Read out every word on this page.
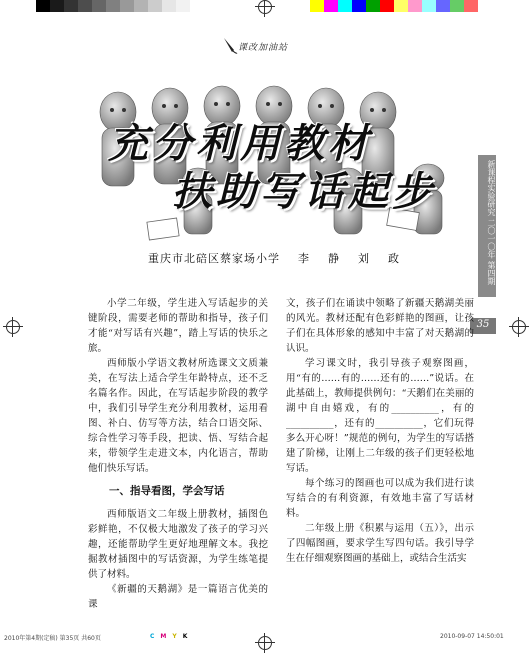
课改加油站
充分利用教材
扶助写话起步
重庆市北碚区蔡家场小学    李    静    刘    政
新课程实验研究 二〇一〇年 第四期
35

小学二年级，学生进入写话起步的关键阶段，需要老师的帮助和指导，孩子们才能“对写话有兴趣”，踏上写话的快乐之旅。

西师版小学语文教材所选课文文质兼美，在写法上适合学生年龄特点，还不乏名篇名作。因此，在写话起步阶段的教学中，我们引导学生充分利用教材，运用看图、补白、仿写等方法，结合口语交际、综合性学习等手段，把读、悟、写结合起来，带领学生走进文本，内化语言，帮助他们快乐写话。

一、指导看图，学会写话

西师版语文二年级上册教材，插图色彩鲜艳，不仅极大地激发了孩子的学习兴趣，还能帮助学生更好地理解文本。我挖掘教材插图中的写话资源，为学生练笔提供了材料。

《新疆的天鹅湖》是一篇语言优美的课

文，孩子们在诵读中领略了新疆天鹅湖美丽的风光。教材还配有色彩鲜艳的图画，让孩子们在具体形象的感知中丰富了对天鹅湖的认识。

学习课文时，我引导孩子观察图画，用“有的……有的……还有的……”说话。在此基础上，教师提供例句：“天鹅们在美丽的湖中自由嬉戏，有的__________，有的__________，还有的__________，它们玩得多么开心呀！”规范的例句，为学生的写话搭建了阶梯，让刚上二年级的孩子们更轻松地写话。

每个练习的图画也可以成为我们进行读写结合的有利资源，有效地丰富了写话材料。

二年级上册《积累与运用（五）》，出示了四幅图画，要求学生写四句话。我引导学生在仔细观察图画的基础上，或结合生活实

2010年第4期(定稿) 第35页 共60页	C M Y K	2010-09-07 14:50:01
